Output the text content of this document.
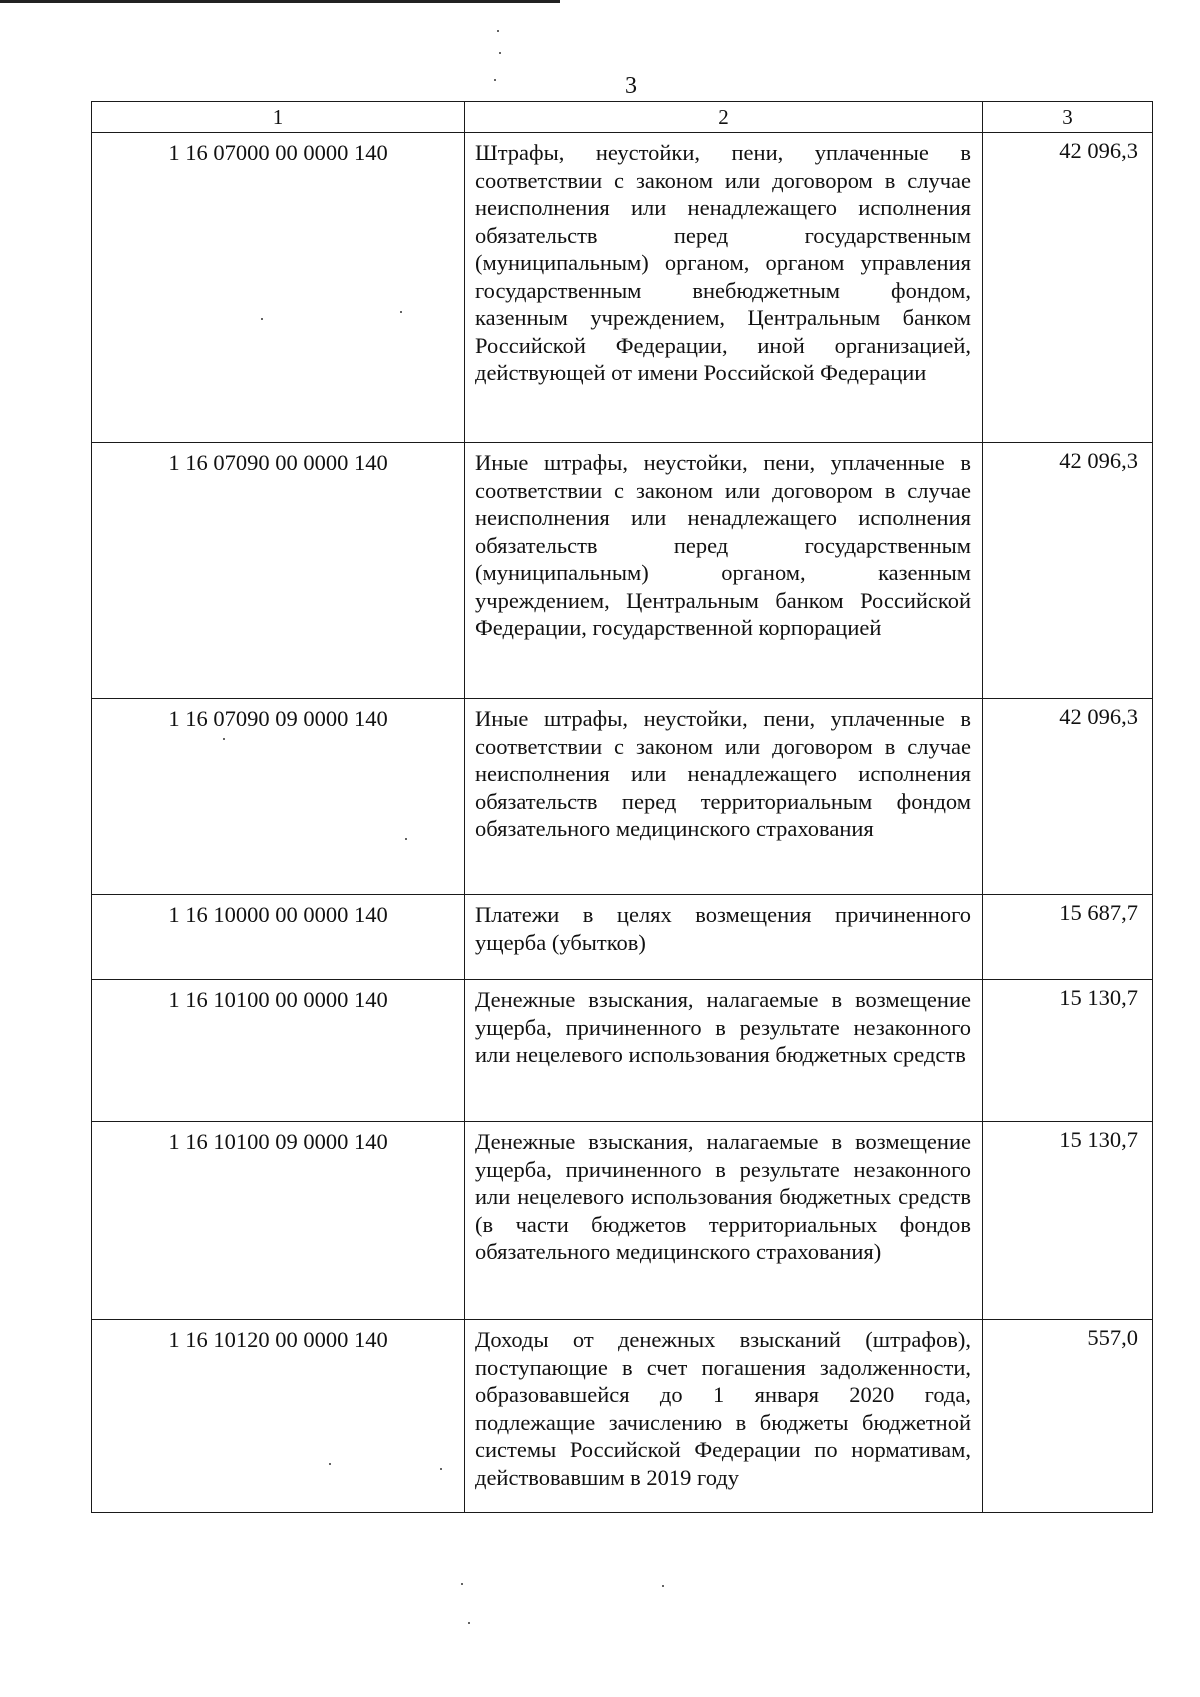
3
1	2	3
1 16 07000 00 0000 140	Штрафы, неустойки, пени, уплаченные в соответствии с законом или договором в случае неисполнения или ненадлежащего исполнения обязательств перед государственным (муниципальным) органом, органом управления государственным внебюджетным фондом, казенным учреждением, Центральным банком Российской Федерации, иной организацией, действующей от имени Российской Федерации	42 096,3
1 16 07090 00 0000 140	Иные штрафы, неустойки, пени, уплаченные в соответствии с законом или договором в случае неисполнения или ненадлежащего исполнения обязательств перед государственным (муниципальным) органом, казенным учреждением, Центральным банком Российской Федерации, государственной корпорацией	42 096,3
1 16 07090 09 0000 140	Иные штрафы, неустойки, пени, уплаченные в соответствии с законом или договором в случае неисполнения или ненадлежащего исполнения обязательств перед территориальным фондом обязательного медицинского страхования	42 096,3
1 16 10000 00 0000 140	Платежи в целях возмещения причиненного ущерба (убытков)	15 687,7
1 16 10100 00 0000 140	Денежные взыскания, налагаемые в возмещение ущерба, причиненного в результате незаконного или нецелевого использования бюджетных средств	15 130,7
1 16 10100 09 0000 140	Денежные взыскания, налагаемые в возмещение ущерба, причиненного в результате незаконного или нецелевого использования бюджетных средств (в части бюджетов территориальных фондов обязательного медицинского страхования)	15 130,7
1 16 10120 00 0000 140	Доходы от денежных взысканий (штрафов), поступающие в счет погашения задолженности, образовавшейся до 1 января 2020 года, подлежащие зачислению в бюджеты бюджетной системы Российской Федерации по нормативам, действовавшим в 2019 году	557,0
